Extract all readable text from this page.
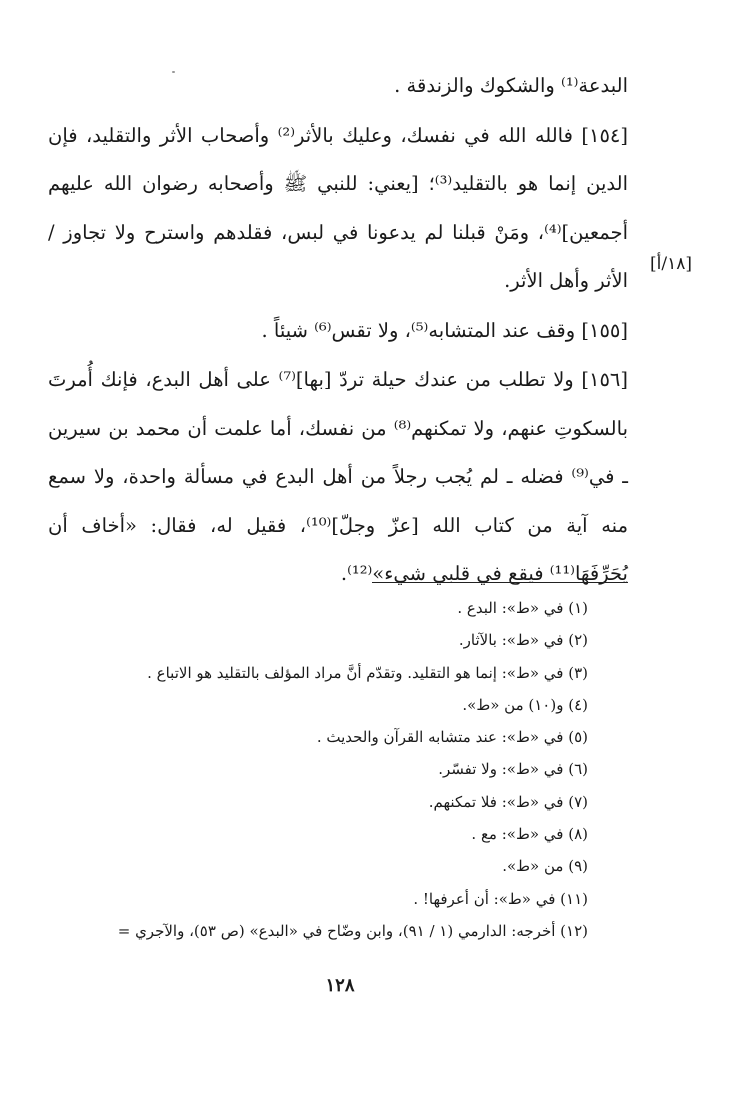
البدعة⁽¹⁾ والشكوك والزندقة .

[١٥٤] فالله الله في نفسك، وعليك بالأثر⁽²⁾ وأصحاب الأثر والتقليد، فإن الدين إنما هو بالتقليد⁽³⁾؛ [يعني: للنبي ﷺ وأصحابه رضوان الله عليهم أجمعين]⁽⁴⁾، ومَنْ قبلنا لم يدعونا في لبس، فقلدهم واسترح ولا تجاوز / الأثر وأهل الأثر.

[١٥٥] وقف عند المتشابه⁽⁵⁾، ولا تقس⁽⁶⁾ شيئاً .

[١٥٦] ولا تطلب من عندك حيلة تردّ [بها]⁽⁷⁾ على أهل البدع، فإنك أُمرتَ بالسكوتِ عنهم، ولا تمكنهم⁽⁸⁾ من نفسك، أما علمت أن محمد بن سيرين ـ في⁽⁹⁾ فضله ـ لم يُجب رجلاً من أهل البدع في مسألة واحدة، ولا سمع منه آية من كتاب الله [عزّ وجلّ]⁽¹⁰⁾، فقيل له، فقال: «أخاف أن يُحَرِّفَهَا⁽¹¹⁾ فيقع في قلبي شيء»⁽¹²⁾.

[١٨/أ]

(١) في «ط»: البدع .

(٢) في «ط»: بالآثار.

(٣) في «ط»: إنما هو التقليد. وتقدّم أنَّ مراد المؤلف بالتقليد هو الاتباع .

(٤) و(١٠) من «ط».

(٥) في «ط»: عند متشابه القرآن والحديث .

(٦) في «ط»: ولا تفسّر.

(٧) في «ط»: فلا تمكنهم.

(٨) في «ط»: مع .

(٩) من «ط».

(١١) في «ط»: أن أعرفها! .

(١٢) أخرجه: الدارمي (١ / ٩١)، وابن وضّاح في «البدع» (ص ٥٣)، والآجري =

١٢٨
